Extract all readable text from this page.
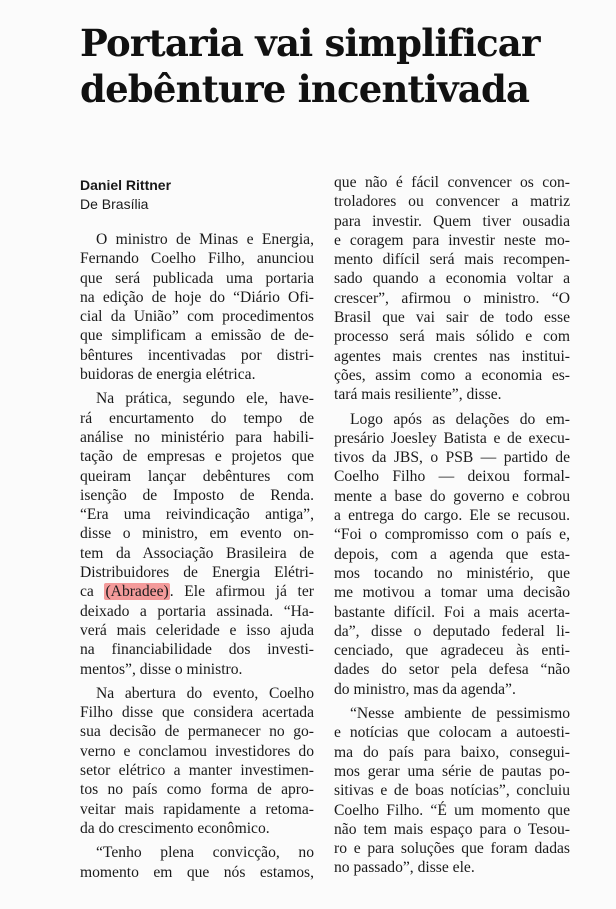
Portaria vai simplificar
debênture incentivada
Daniel Rittner
De Brasília

O ministro de Minas e Energia,
Fernando Coelho Filho, anunciou
que será publicada uma portaria
na edição de hoje do “Diário Ofi-
cial da União” com procedimentos
que simplificam a emissão de de-
bêntures incentivadas por distri-
buidoras de energia elétrica.

Na prática, segundo ele, have-
rá encurtamento do tempo de
análise no ministério para habili-
tação de empresas e projetos que
queiram lançar debêntures com
isenção de Imposto de Renda.
“Era uma reivindicação antiga”,
disse o ministro, em evento on-
tem da Associação Brasileira de
Distribuidores de Energia Elétri-
ca (Abradee). Ele afirmou já ter
deixado a portaria assinada. “Ha-
verá mais celeridade e isso ajuda
na financiabilidade dos investi-
mentos”, disse o ministro.

Na abertura do evento, Coelho
Filho disse que considera acertada
sua decisão de permanecer no go-
verno e conclamou investidores do
setor elétrico a manter investimen-
tos no país como forma de apro-
veitar mais rapidamente a retoma-
da do crescimento econômico.

“Tenho plena convicção, no
momento em que nós estamos,

que não é fácil convencer os con-
troladores ou convencer a matriz
para investir. Quem tiver ousadia
e coragem para investir neste mo-
mento difícil será mais recompen-
sado quando a economia voltar a
crescer”, afirmou o ministro. “O
Brasil que vai sair de todo esse
processo será mais sólido e com
agentes mais crentes nas institui-
ções, assim como a economia es-
tará mais resiliente”, disse.

Logo após as delações do em-
presário Joesley Batista e de execu-
tivos da JBS, o PSB — partido de
Coelho Filho — deixou formal-
mente a base do governo e cobrou
a entrega do cargo. Ele se recusou.
“Foi o compromisso com o país e,
depois, com a agenda que esta-
mos tocando no ministério, que
me motivou a tomar uma decisão
bastante difícil. Foi a mais acerta-
da”, disse o deputado federal li-
cenciado, que agradeceu às enti-
dades do setor pela defesa “não
do ministro, mas da agenda”.

“Nesse ambiente de pessimismo
e notícias que colocam a autoesti-
ma do país para baixo, consegui-
mos gerar uma série de pautas po-
sitivas e de boas notícias”, concluiu
Coelho Filho. “É um momento que
não tem mais espaço para o Tesou-
ro e para soluções que foram dadas
no passado”, disse ele.
